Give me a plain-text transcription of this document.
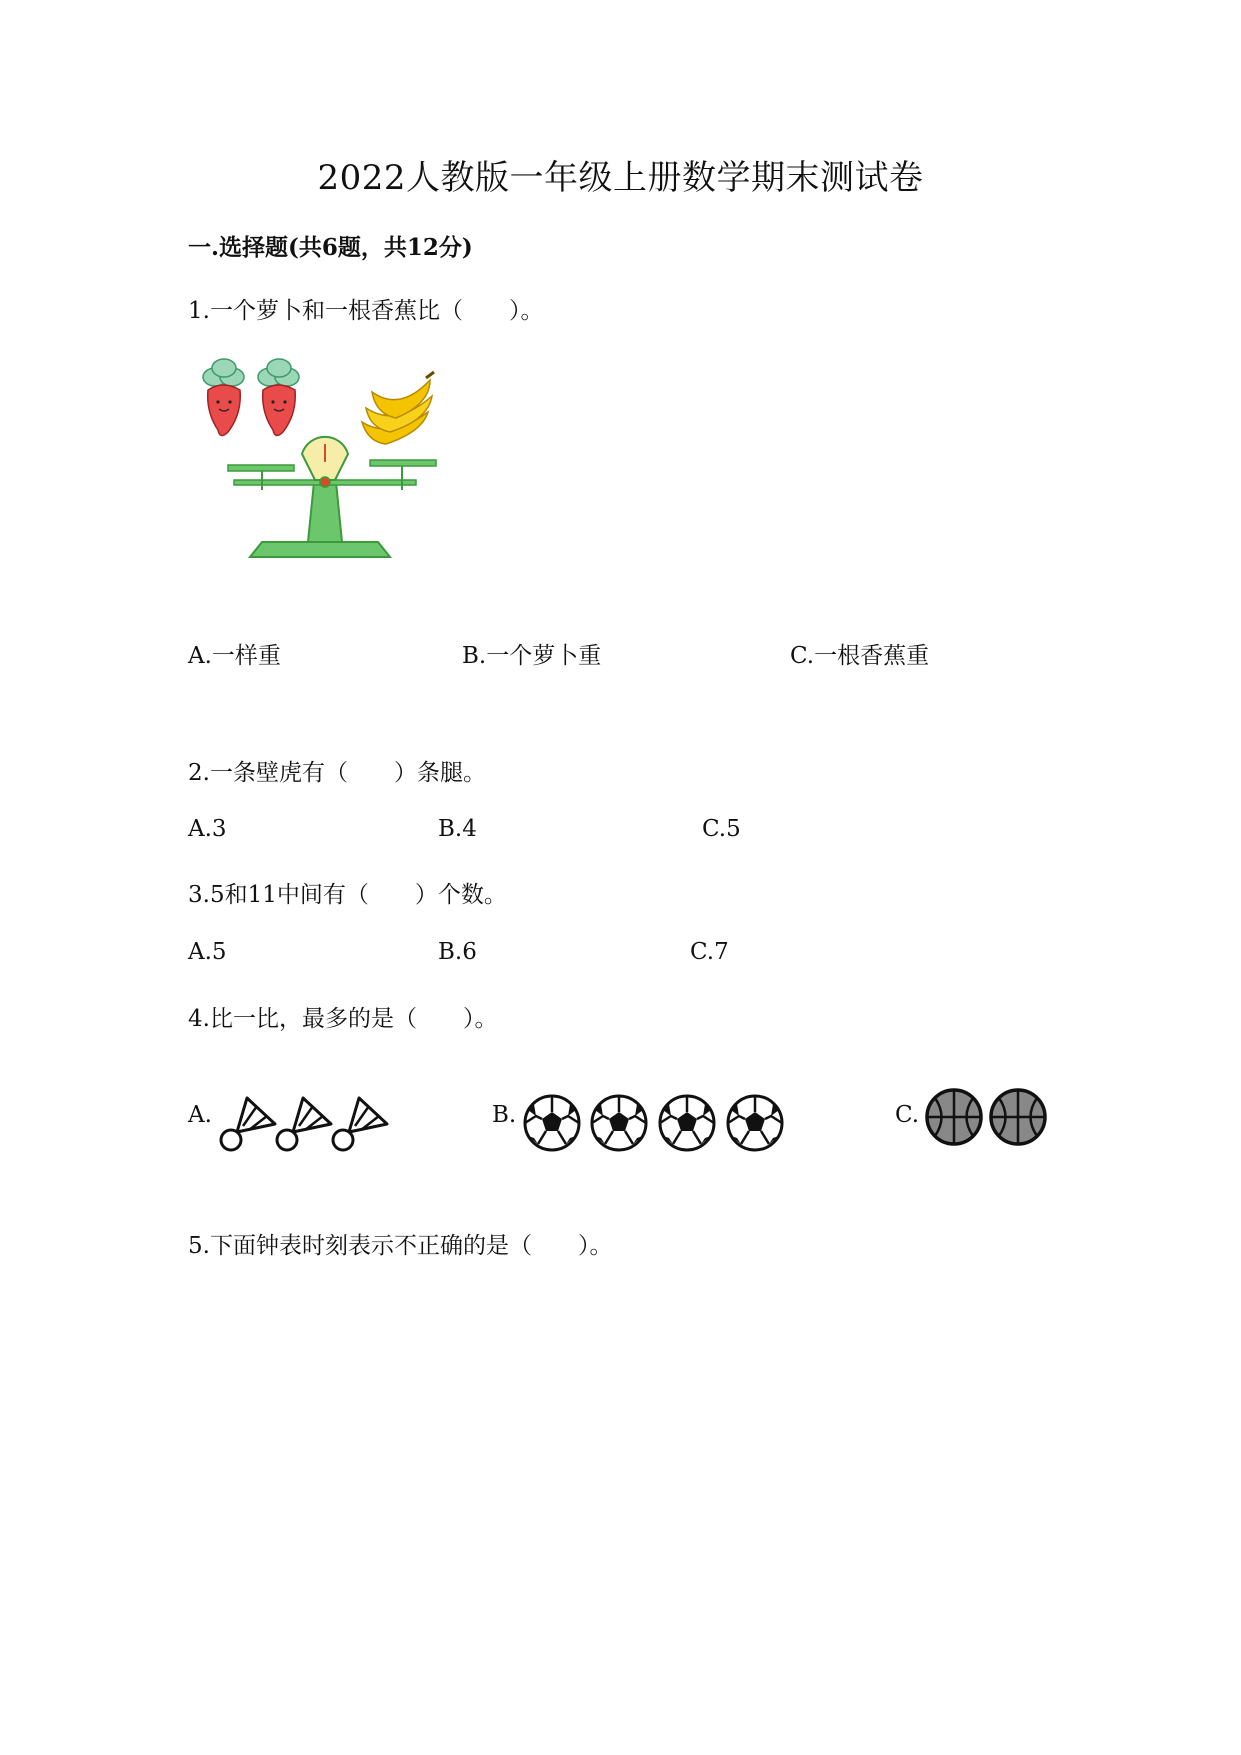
2022人教版一年级上册数学期末测试卷
一.选择题(共6题，共12分)
1.一个萝卜和一根香蕉比（　　）。
A.一样重	B.一个萝卜重	C.一根香蕉重
2.一条壁虎有（　　）条腿。
A.3	B.4	C.5
3.5和11中间有（　　）个数。
A.5	B.6	C.7
4.比一比，最多的是（　　）。
A.	B.	C.
5.下面钟表时刻表示不正确的是（　　）。
